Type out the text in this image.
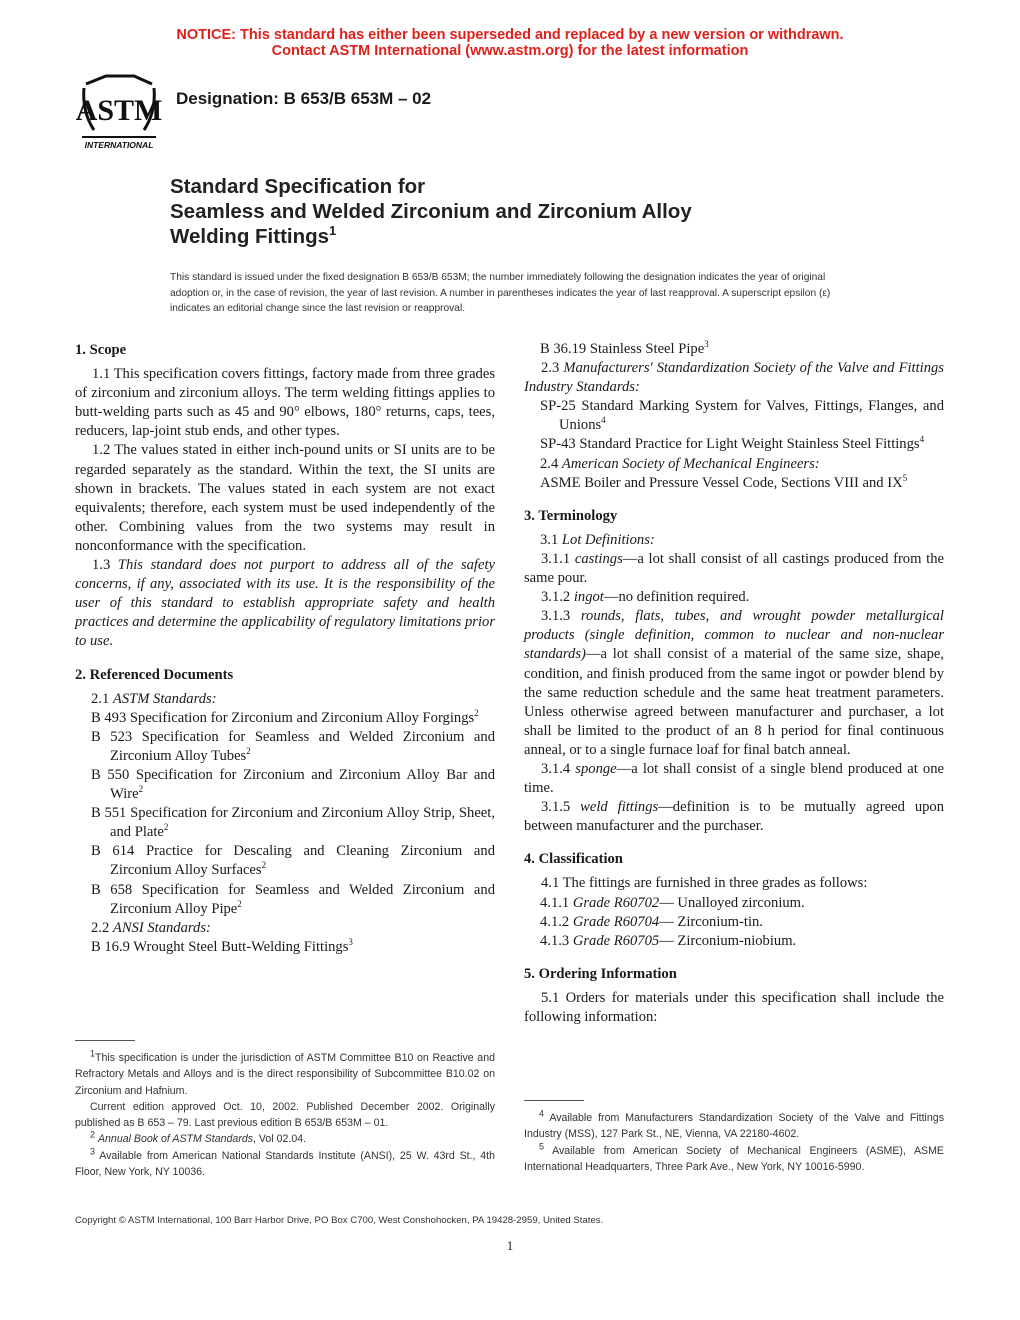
NOTICE: This standard has either been superseded and replaced by a new version or withdrawn.
Contact ASTM International (www.astm.org) for the latest information
ASTM
INTERNATIONAL
Designation: B 653/B 653M – 02
Standard Specification for
Seamless and Welded Zirconium and Zirconium Alloy
Welding Fittings$^1$
This standard is issued under the fixed designation B 653/B 653M; the number immediately following the designation indicates the year of original adoption or, in the case of revision, the year of last revision. A number in parentheses indicates the year of last reapproval. A superscript epsilon (ε) indicates an editorial change since the last revision or reapproval.
1. Scope

1.1 This specification covers fittings, factory made from three grades of zirconium and zirconium alloys. The term welding fittings applies to butt-welding parts such as 45 and 90° elbows, 180° returns, caps, tees, reducers, lap-joint stub ends, and other types.

1.2 The values stated in either inch-pound units or SI units are to be regarded separately as the standard. Within the text, the SI units are shown in brackets. The values stated in each system are not exact equivalents; therefore, each system must be used independently of the other. Combining values from the two systems may result in nonconformance with the specification.

1.3 This standard does not purport to address all of the safety concerns, if any, associated with its use. It is the responsibility of the user of this standard to establish appropriate safety and health practices and determine the applicability of regulatory limitations prior to use.

2. Referenced Documents

2.1 ASTM Standards:

B 493 Specification for Zirconium and Zirconium Alloy Forgings$^2$

B 523 Specification for Seamless and Welded Zirconium and Zirconium Alloy Tubes$^2$

B 550 Specification for Zirconium and Zirconium Alloy Bar and Wire$^2$

B 551 Specification for Zirconium and Zirconium Alloy Strip, Sheet, and Plate$^2$

B 614 Practice for Descaling and Cleaning Zirconium and Zirconium Alloy Surfaces$^2$

B 658 Specification for Seamless and Welded Zirconium and Zirconium Alloy Pipe$^2$

2.2 ANSI Standards:

B 16.9 Wrought Steel Butt-Welding Fittings$^3$

B 36.19 Stainless Steel Pipe$^3$

2.3 Manufacturers' Standardization Society of the Valve and Fittings Industry Standards:

SP-25 Standard Marking System for Valves, Fittings, Flanges, and Unions$^4$

SP-43 Standard Practice for Light Weight Stainless Steel Fittings$^4$

2.4 American Society of Mechanical Engineers:

ASME Boiler and Pressure Vessel Code, Sections VIII and $IX^5$

3. Terminology

3.1 Lot Definitions:

3.1.1 castings—a lot shall consist of all castings produced from the same pour.

3.1.2 ingot—no definition required.

3.1.3 rounds, flats, tubes, and wrought powder metallurgical products (single definition, common to nuclear and non-nuclear standards)—a lot shall consist of a material of the same size, shape, condition, and finish produced from the same ingot or powder blend by the same reduction schedule and the same heat treatment parameters. Unless otherwise agreed between manufacturer and purchaser, a lot shall be limited to the product of an 8 h period for final continuous anneal, or to a single furnace loaf for final batch anneal.

3.1.4 sponge—a lot shall consist of a single blend produced at one time.

3.1.5 weld fittings—definition is to be mutually agreed upon between manufacturer and the purchaser.

4. Classification

4.1 The fittings are furnished in three grades as follows:

4.1.1 Grade R60702— Unalloyed zirconium.

4.1.2 Grade R60704— Zirconium-tin.

4.1.3 Grade R60705— Zirconium-niobium.

5. Ordering Information

5.1 Orders for materials under this specification shall include the following information:

$^1$This specification is under the jurisdiction of ASTM Committee B10 on Reactive and Refractory Metals and Alloys and is the direct responsibility of Subcommittee B10.02 on Zirconium and Hafnium.

Current edition approved Oct. 10, 2002. Published December 2002. Originally published as B 653 – 79. Last previous edition B 653/B 653M – 01.

$^2$ Annual Book of ASTM Standards, Vol 02.04.

$^3$ Available from American National Standards Institute (ANSI), 25 W. 43rd St., 4th Floor, New York, NY 10036.

$^4$ Available from Manufacturers Standardization Society of the Valve and Fittings Industry (MSS), 127 Park St., NE, Vienna, VA 22180-4602.

$^5$ Available from American Society of Mechanical Engineers (ASME), ASME International Headquarters, Three Park Ave., New York, NY 10016-5990.

Copyright © ASTM International, 100 Barr Harbor Drive, PO Box C700, West Conshohocken, PA 19428-2959, United States.
1
